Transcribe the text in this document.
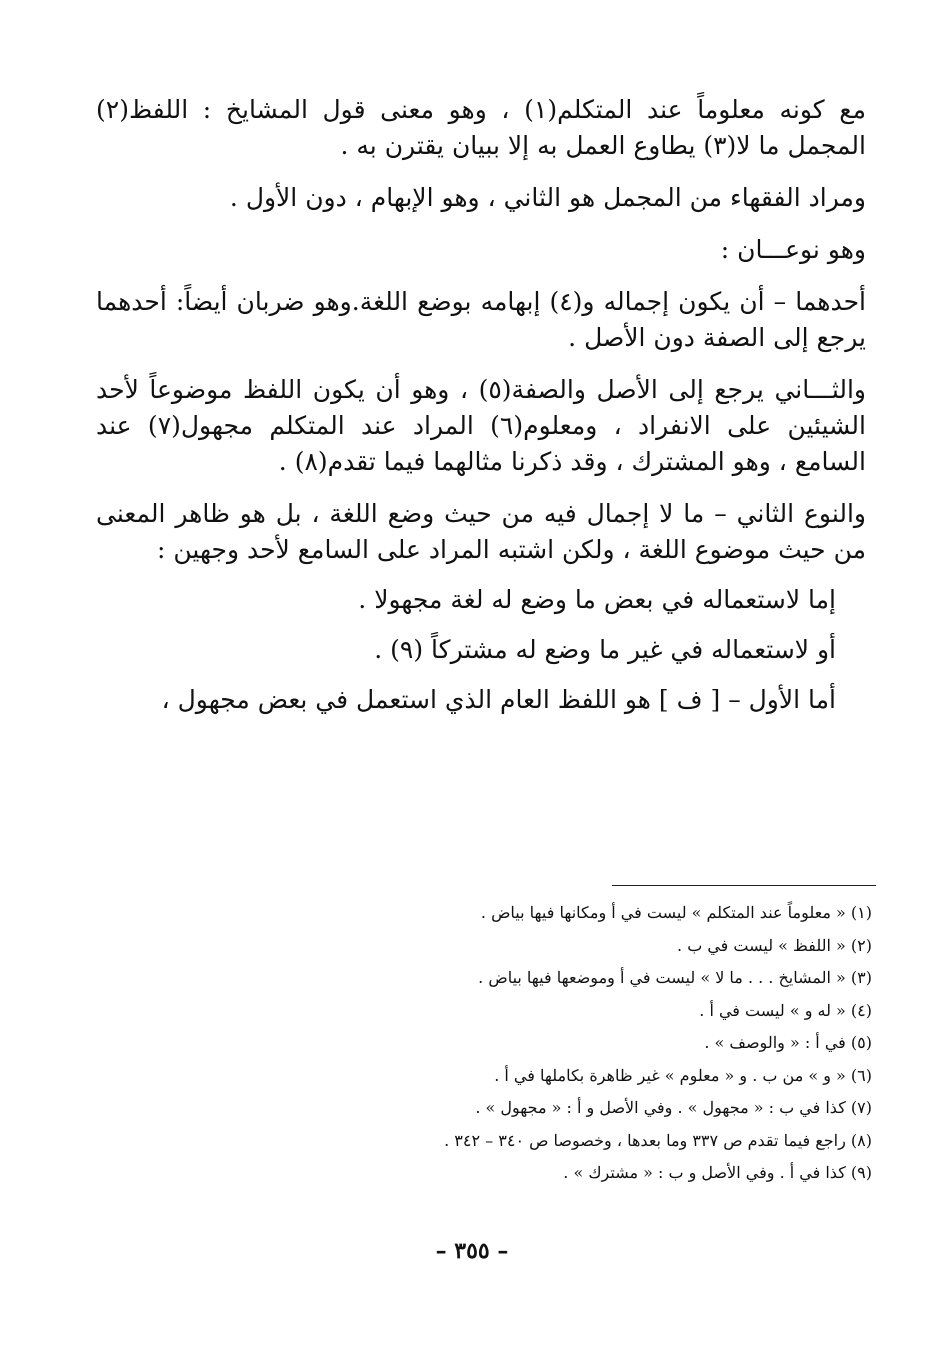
مع كونه معلوماً عند المتكلم(١) ، وهو معنى قول المشايخ : اللفظ(٢) المجمل ما لا(٣) يطاوع العمل به إلا ببيان يقترن به .

ومراد الفقهاء من المجمل هو الثاني ، وهو الإبهام ، دون الأول .

وهو نوعـــان :

أحدهما – أن يكون إجماله و(٤) إبهامه بوضع اللغة.وهو ضربان أيضاً: أحدهما يرجع إلى الصفة دون الأصل .

والثـــاني يرجع إلى الأصل والصفة(٥) ، وهو أن يكون اللفظ موضوعاً لأحد الشيئين على الانفراد ، ومعلوم(٦) المراد عند المتكلم مجهول(٧) عند السامع ، وهو المشترك ، وقد ذكرنا مثالهما فيما تقدم(٨) .

والنوع الثاني – ما لا إجمال فيه من حيث وضع اللغة ، بل هو ظاهر المعنى من حيث موضوع اللغة ، ولكن اشتبه المراد على السامع لأحد وجهين :

إما لاستعماله في بعض ما وضع له لغة مجهولا .

أو لاستعماله في غير ما وضع له مشتركاً (٩) .

أما الأول – [ ف ] هو اللفظ العام الذي استعمل في بعض مجهول ،

(١) « معلوماً عند المتكلم » ليست في أ ومكانها فيها بياض .

(٢) « اللفظ » ليست في ب .

(٣) « المشايخ . . . ما لا » ليست في أ وموضعها فيها بياض .

(٤) « له و » ليست في أ .

(٥) في أ : « والوصف » .

(٦) « و » من ب . و « معلوم » غير ظاهرة بكاملها في أ .

(٧) كذا في ب : « مجهول » . وفي الأصل و أ : « مجهول » .

(٨) راجع فيما تقدم ص ٣٣٧ وما بعدها ، وخصوصا ص ٣٤٠ – ٣٤٢ .

(٩) كذا في أ . وفي الأصل و ب : « مشترك » .

– ٣٥٥ –
